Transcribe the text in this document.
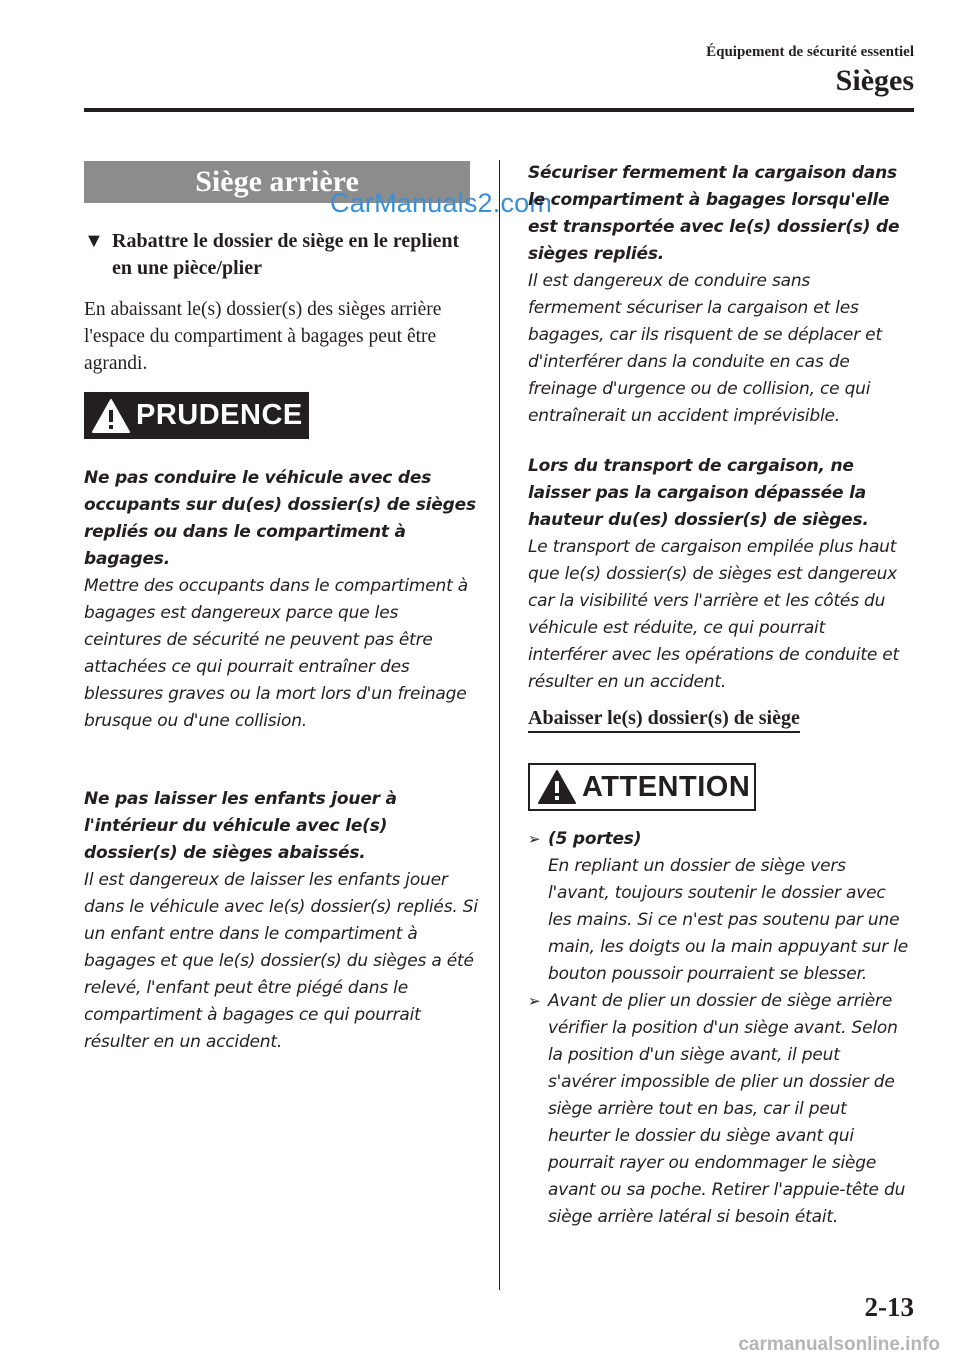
Équipement de sécurité essentiel
Sièges
Siège arrière
CarManuals2.com
▼ Rabattre le dossier de siège en le replient en une pièce/plier
En abaissant le(s) dossier(s) des sièges arrière l'espace du compartiment à bagages peut être agrandi.
PRUDENCE
Ne pas conduire le véhicule avec des occupants sur du(es) dossier(s) de sièges repliés ou dans le compartiment à bagages.
Mettre des occupants dans le compartiment à bagages est dangereux parce que les ceintures de sécurité ne peuvent pas être attachées ce qui pourrait entraîner des blessures graves ou la mort lors d'un freinage brusque ou d'une collision.
Ne pas laisser les enfants jouer à l'intérieur du véhicule avec le(s) dossier(s) de sièges abaissés.
Il est dangereux de laisser les enfants jouer dans le véhicule avec le(s) dossier(s) repliés. Si un enfant entre dans le compartiment à bagages et que le(s) dossier(s) du sièges a été relevé, l'enfant peut être piégé dans le compartiment à bagages ce qui pourrait résulter en un accident.
Sécuriser fermement la cargaison dans le compartiment à bagages lorsqu'elle est transportée avec le(s) dossier(s) de sièges repliés.
Il est dangereux de conduire sans fermement sécuriser la cargaison et les bagages, car ils risquent de se déplacer et d'interférer dans la conduite en cas de freinage d'urgence ou de collision, ce qui entraînerait un accident imprévisible.
Lors du transport de cargaison, ne laisser pas la cargaison dépassée la hauteur du(es) dossier(s) de sièges.
Le transport de cargaison empilée plus haut que le(s) dossier(s) de sièges est dangereux car la visibilité vers l'arrière et les côtés du véhicule est réduite, ce qui pourrait interférer avec les opérations de conduite et résulter en un accident.
Abaisser le(s) dossier(s) de siège
ATTENTION
➢ (5 portes)
En repliant un dossier de siège vers l'avant, toujours soutenir le dossier avec les mains. Si ce n'est pas soutenu par une main, les doigts ou la main appuyant sur le bouton poussoir pourraient se blesser.
➢ Avant de plier un dossier de siège arrière vérifier la position d'un siège avant. Selon la position d'un siège avant, il peut s'avérer impossible de plier un dossier de siège arrière tout en bas, car il peut heurter le dossier du siège avant qui pourrait rayer ou endommager le siège avant ou sa poche. Retirer l'appuie-tête du siège arrière latéral si besoin était.
2-13
carmanualsonline.info
